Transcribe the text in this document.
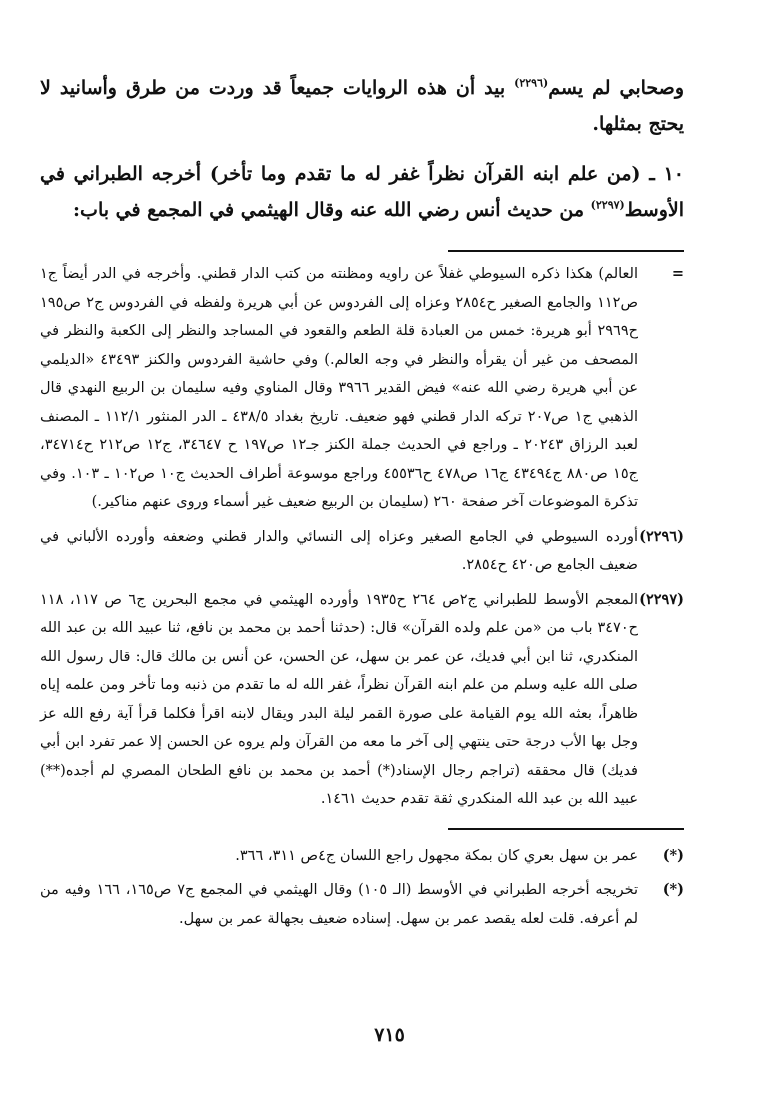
وصحابي لم يسم$^{(٢٢٩٦)}$ بيد أن هذه الروايات جميعاً قد وردت من طرق وأسانيد لا يحتج بمثلها.

١٠ ـ (من علم ابنه القرآن نظراً غفر له ما تقدم وما تأخر) أخرجه الطبراني في الأوسط$^{(٢٢٩٧)}$ من حديث أنس رضي الله عنه وقال الهيثمي في المجمع في باب:

=
العالم) هكذا ذكره السيوطي غفلاً عن راويه ومظنته من كتب الدار قطني. وأخرجه في الدر أيضاً ج١ ص١١٢ والجامع الصغير ح٢٨٥٤ وعزاه إلى الفردوس عن أبي هريرة ولفظه في الفردوس ج٢ ص١٩٥ ح٢٩٦٩ أبو هريرة: خمس من العبادة قلة الطعم والقعود في المساجد والنظر إلى الكعبة والنظر في المصحف من غير أن يقرأه والنظر في وجه العالم.) وفي حاشية الفردوس والكنز ٤٣٤٩٣ «الديلمي عن أبي هريرة رضي الله عنه» فيض القدير ٣٩٦٦ وقال المناوي وفيه سليمان بن الربيع النهدي قال الذهبي ج١ ص٢٠٧ تركه الدار قطني فهو ضعيف. تاريخ بغداد ٤٣٨/٥ ـ الدر المنثور ١١٢/١ ـ المصنف لعبد الرزاق ٢٠٢٤٣ ـ وراجع في الحديث جملة الكنز جـ١٢ ص١٩٧ ح ٣٤٦٤٧، ج١٢ ص٢١٢ ح٣٤٧١٤، ج١٥ ص٨٨٠ ج٤٣٤٩٤ ج١٦ ص٤٧٨ ح٤٥٥٣٦ وراجع موسوعة أطراف الحديث ج١٠ ص١٠٢ ـ ١٠٣. وفي تذكرة الموضوعات آخر صفحة ٢٦٠ (سليمان بن الربيع ضعيف غير أسماء وروى عنهم مناكير.)
(٢٢٩٦)
أورده السيوطي في الجامع الصغير وعزاه إلى النسائي والدار قطني وضعفه وأورده الألباني في ضعيف الجامع ص٤٢٠ ح٢٨٥٤.
(٢٢٩٧)
المعجم الأوسط للطبراني ج٢ص ٢٦٤ ح١٩٣٥ وأورده الهيثمي في مجمع البحرين ج٦ ص ١١٧، ١١٨ ح٣٤٧٠ باب من «من علم ولده القرآن» قال: (حدثنا أحمد بن محمد بن نافع، ثنا عبيد الله بن عبد الله المنكدري، ثنا ابن أبي فديك، عن عمر بن سهل، عن الحسن، عن أنس بن مالك قال: قال رسول الله صلى الله عليه وسلم من علم ابنه القرآن نظراً، غفر الله له ما تقدم من ذنبه وما تأخر ومن علمه إياه ظاهراً، بعثه الله يوم القيامة على صورة القمر ليلة البدر ويقال لابنه اقرأ فكلما قرأ آية رفع الله عز وجل بها الأب درجة حتى ينتهي إلى آخر ما معه من القرآن ولم يروه عن الحسن إلا عمر تفرد ابن أبي فديك) قال محققه (تراجم رجال الإسناد(*) أحمد بن محمد بن نافع الطحان المصري لم أجده(**) عبيد الله بن عبد الله المنكدري ثقة تقدم حديث ١٤٦١.
(*)
عمر بن سهل بعري كان بمكة مجهول راجع اللسان ج٤ص ٣١١، ٣٦٦.
(*)
تخريجه أخرجه الطبراني في الأوسط (الـ ١٠٥) وقال الهيثمي في المجمع ج٧ ص١٦٥، ١٦٦ وفيه من لم أعرفه. قلت لعله يقصد عمر بن سهل. إسناده ضعيف بجهالة عمر بن سهل.
٧١٥
